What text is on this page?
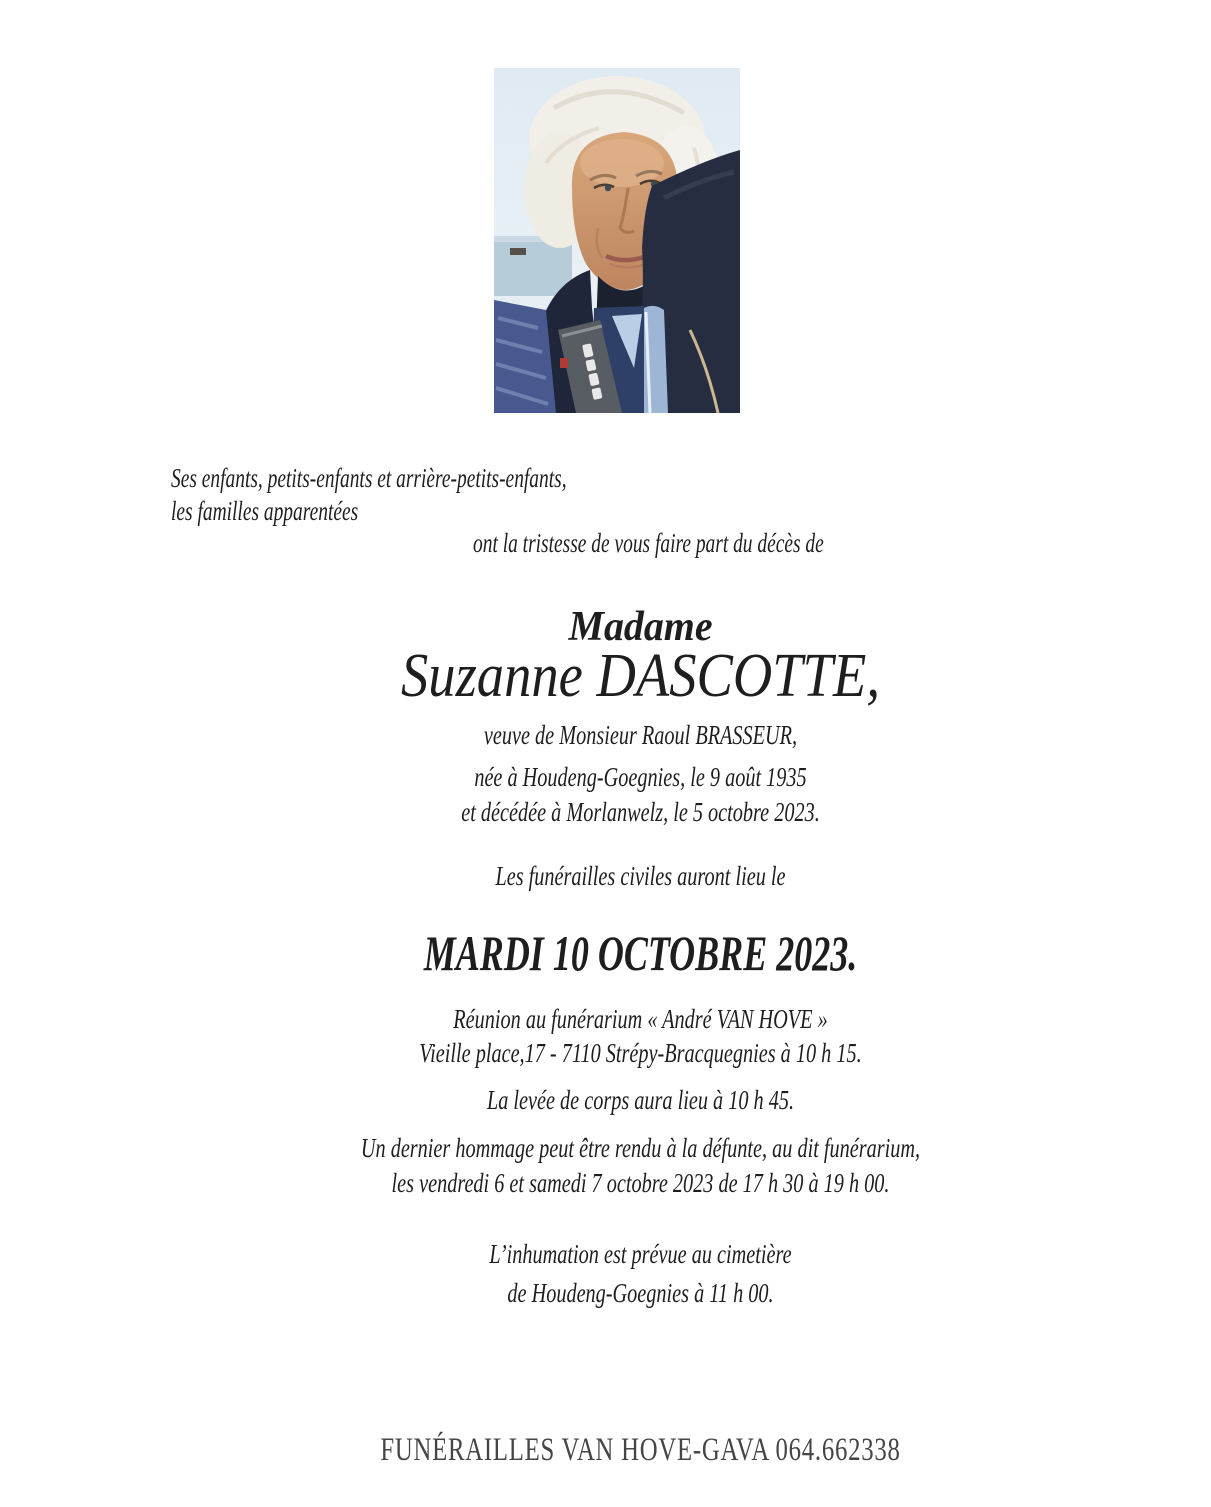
Ses enfants, petits-enfants et arrière-petits-enfants,
les familles apparentées
ont la tristesse de vous faire part du décès de
Madame
Suzanne DASCOTTE,
veuve de Monsieur Raoul BRASSEUR,
née à Houdeng-Goegnies, le 9 août 1935
et décédée à Morlanwelz, le 5 octobre 2023.
Les funérailles civiles auront lieu le
MARDI 10 OCTOBRE 2023.
Réunion au funérarium « André VAN HOVE »
Vieille place,17 - 7110 Strépy-Bracquegnies à 10 h 15.
La levée de corps aura lieu à 10 h 45.
Un dernier hommage peut être rendu à la défunte, au dit funérarium,
les vendredi 6 et samedi 7 octobre 2023 de 17 h 30 à 19 h 00.
L’inhumation est prévue au cimetière
de Houdeng-Goegnies à 11 h 00.
FUNÉRAILLES VAN HOVE-GAVA 064.662338
